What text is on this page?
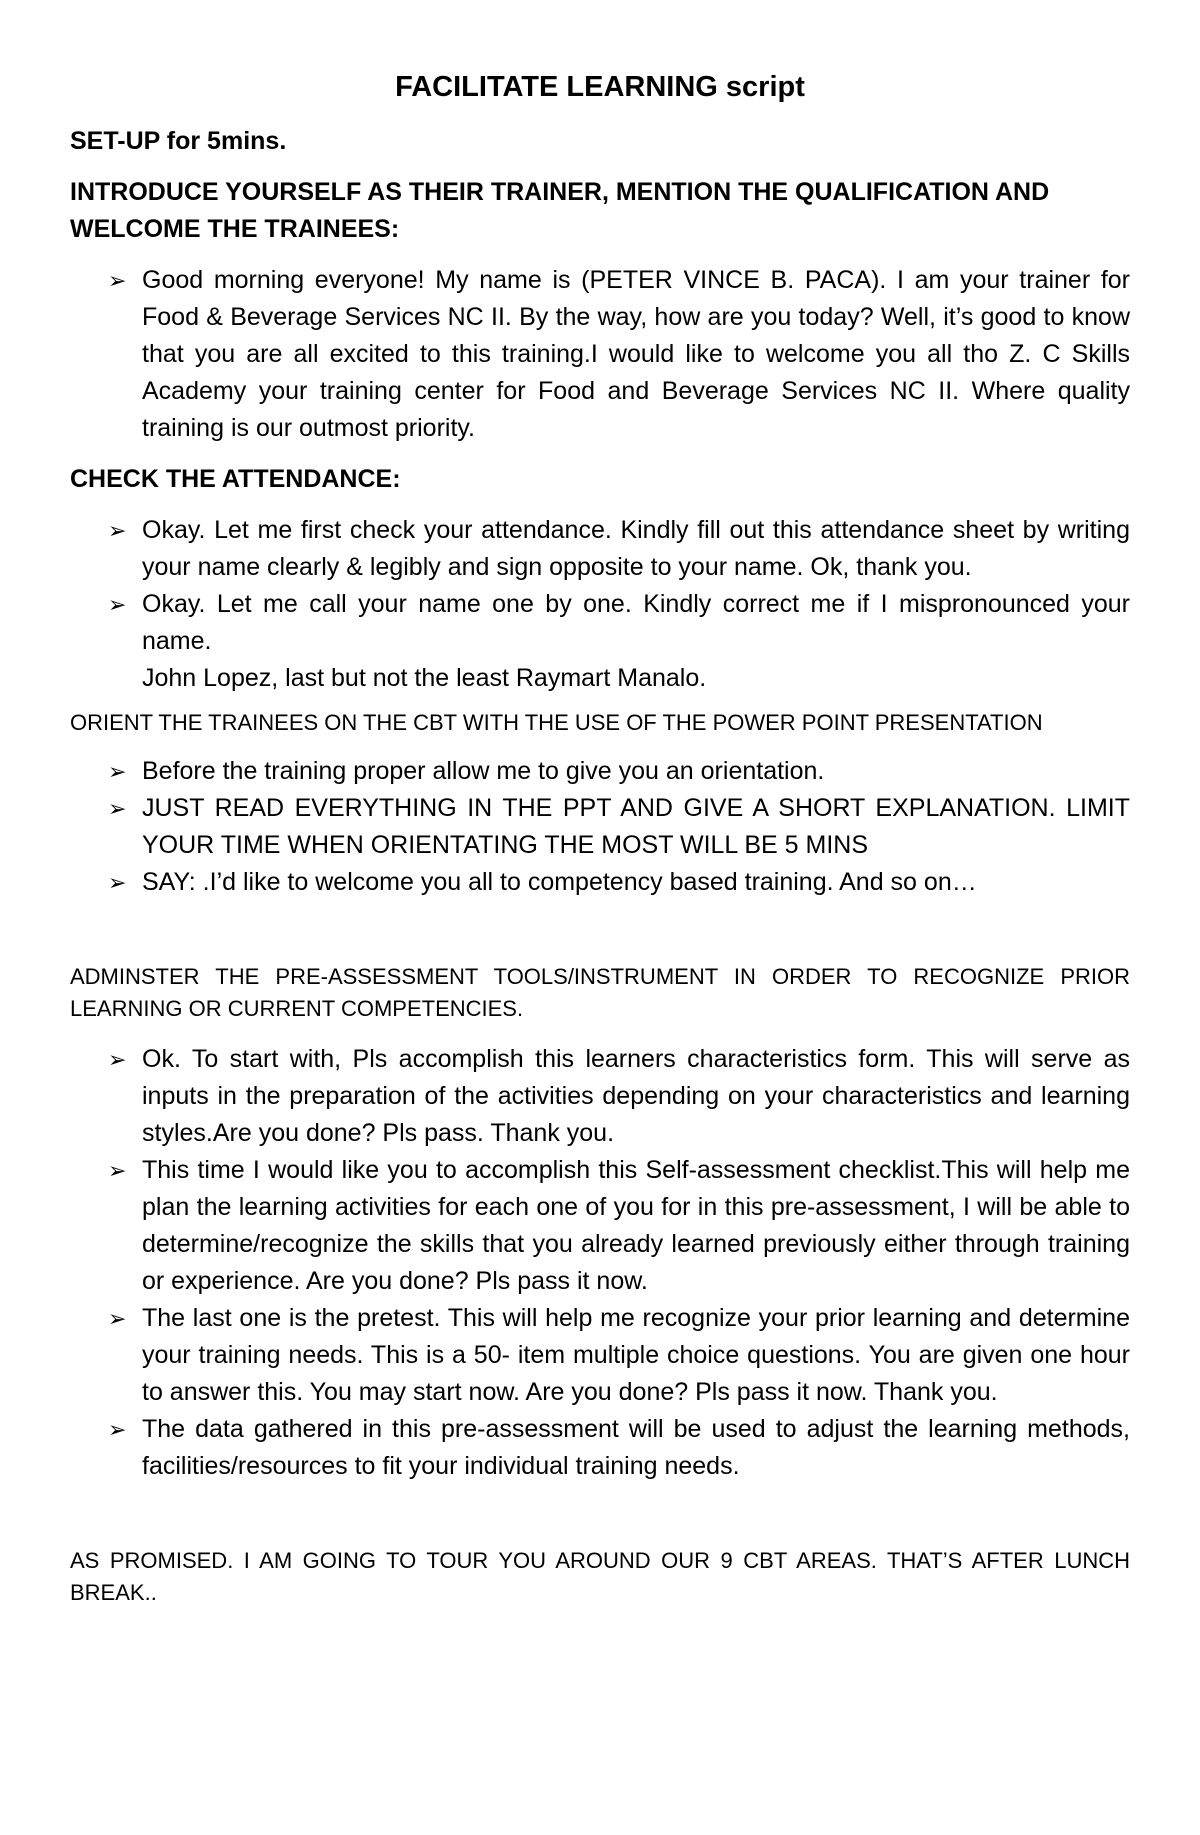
FACILITATE LEARNING script

SET-UP for 5mins.

INTRODUCE YOURSELF AS THEIR TRAINER, MENTION THE QUALIFICATION AND WELCOME THE TRAINEES:

➢ Good morning everyone! My name is (PETER VINCE B. PACA). I am your trainer for Food & Beverage Services NC II. By the way, how are you today? Well, it’s good to know that you are all excited to this training.I would like to welcome you all tho Z. C Skills Academy your training center for Food and Beverage Services NC II. Where quality training is our outmost priority.

CHECK THE ATTENDANCE:

➢ Okay. Let me first check your attendance. Kindly fill out this attendance sheet by writing your name clearly & legibly and sign opposite to your name. Ok, thank you.
➢ Okay. Let me call your name one by one. Kindly correct me if I mispronounced your name.
John Lopez, last but not the least Raymart Manalo.

ORIENT THE TRAINEES ON THE CBT WITH THE USE OF THE POWER POINT PRESENTATION

➢ Before the training proper allow me to give you an orientation.
➢ JUST READ EVERYTHING IN THE PPT AND GIVE A SHORT EXPLANATION. LIMIT YOUR TIME WHEN ORIENTATING THE MOST WILL BE 5 MINS
➢ SAY: .I’d like to welcome you all to competency based training. And so on…

ADMINSTER THE PRE-ASSESSMENT TOOLS/INSTRUMENT IN ORDER TO RECOGNIZE PRIOR LEARNING OR CURRENT COMPETENCIES.

➢ Ok. To start with, Pls accomplish this learners characteristics form. This will serve as inputs in the preparation of the activities depending on your characteristics and learning styles.Are you done? Pls pass. Thank you.
➢ This time I would like you to accomplish this Self-assessment checklist.This will help me plan the learning activities for each one of you for in this pre-assessment, I will be able to determine/recognize the skills that you already learned previously either through training or experience. Are you done? Pls pass it now.
➢ The last one is the pretest. This will help me recognize your prior learning and determine your training needs. This is a 50- item multiple choice questions. You are given one hour to answer this. You may start now. Are you done? Pls pass it now. Thank you.
➢ The data gathered in this pre-assessment will be used to adjust the learning methods, facilities/resources to fit your individual training needs.

AS PROMISED. I AM GOING TO TOUR YOU AROUND OUR 9 CBT AREAS. THAT’S AFTER LUNCH BREAK..
